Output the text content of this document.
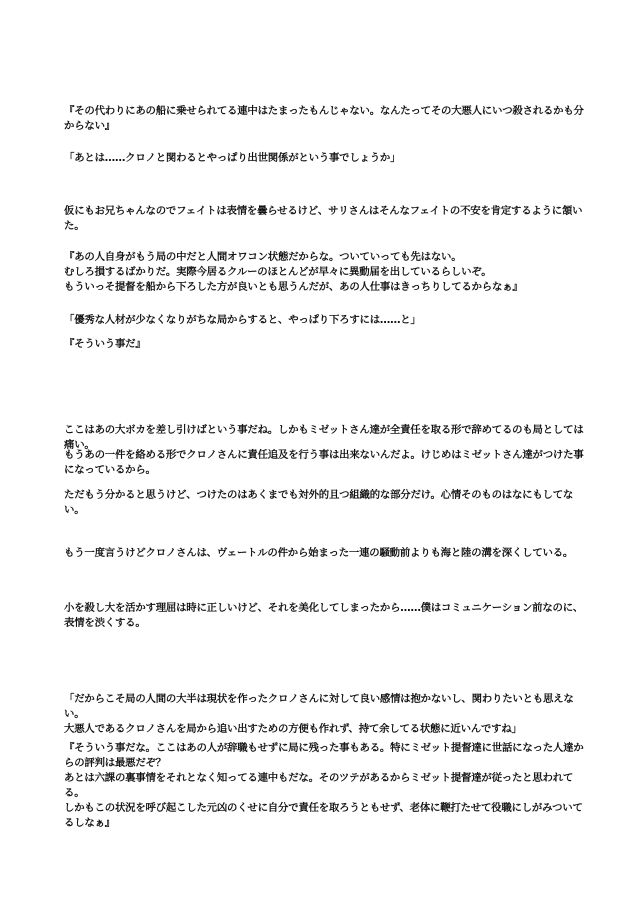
『その代わりにあの船に乗せられてる連中はたまったもんじゃない。なんたってその大悪人にいつ殺されるかも分からない』

「あとは……クロノと関わるとやっぱり出世関係がという事でしょうか」

仮にもお兄ちゃんなのでフェイトは表情を曇らせるけど、サリさんはそんなフェイトの不安を肯定するように頷いた。

『あの人自身がもう局の中だと人間オワコン状態だからな。ついていっても先はない。
むしろ損するばかりだ。実際今居るクルーのほとんどが早々に異動届を出しているらしいぞ。
もういっそ提督を船から下ろした方が良いとも思うんだが、あの人仕事はきっちりしてるからなぁ』

「優秀な人材が少なくなりがちな局からすると、やっぱり下ろすには……と」

『そういう事だ』

ここはあの大ボカを差し引けばという事だね。しかもミゼットさん達が全責任を取る形で辞めてるのも局としては痛い。

もうあの一件を絡める形でクロノさんに責任追及を行う事は出来ないんだよ。けじめはミゼットさん達がつけた事になっているから。

ただもう分かると思うけど、つけたのはあくまでも対外的且つ組織的な部分だけ。心情そのものはなにもしてない。

もう一度言うけどクロノさんは、ヴェートルの件から始まった一連の騒動前よりも海と陸の溝を深くしている。

小を殺し大を活かす理屈は時に正しいけど、それを美化してしまったから……僕はコミュニケーション前なのに、表情を渋くする。

「だからこそ局の人間の大半は現状を作ったクロノさんに対して良い感情は抱かないし、関わりたいとも思えない。
大悪人であるクロノさんを局から追い出すための方便も作れず、持て余してる状態に近いんですね」

『そういう事だな。ここはあの人が辞職もせずに局に残った事もある。特にミゼット提督達に世話になった人達からの評判は最悪だぞ？
あとは六課の裏事情をそれとなく知ってる連中もだな。そのツテがあるからミゼット提督達が従ったと思われてる。
しかもこの状況を呼び起こした元凶のくせに自分で責任を取ろうともせず、老体に鞭打たせて役職にしがみついてるしなぁ』
